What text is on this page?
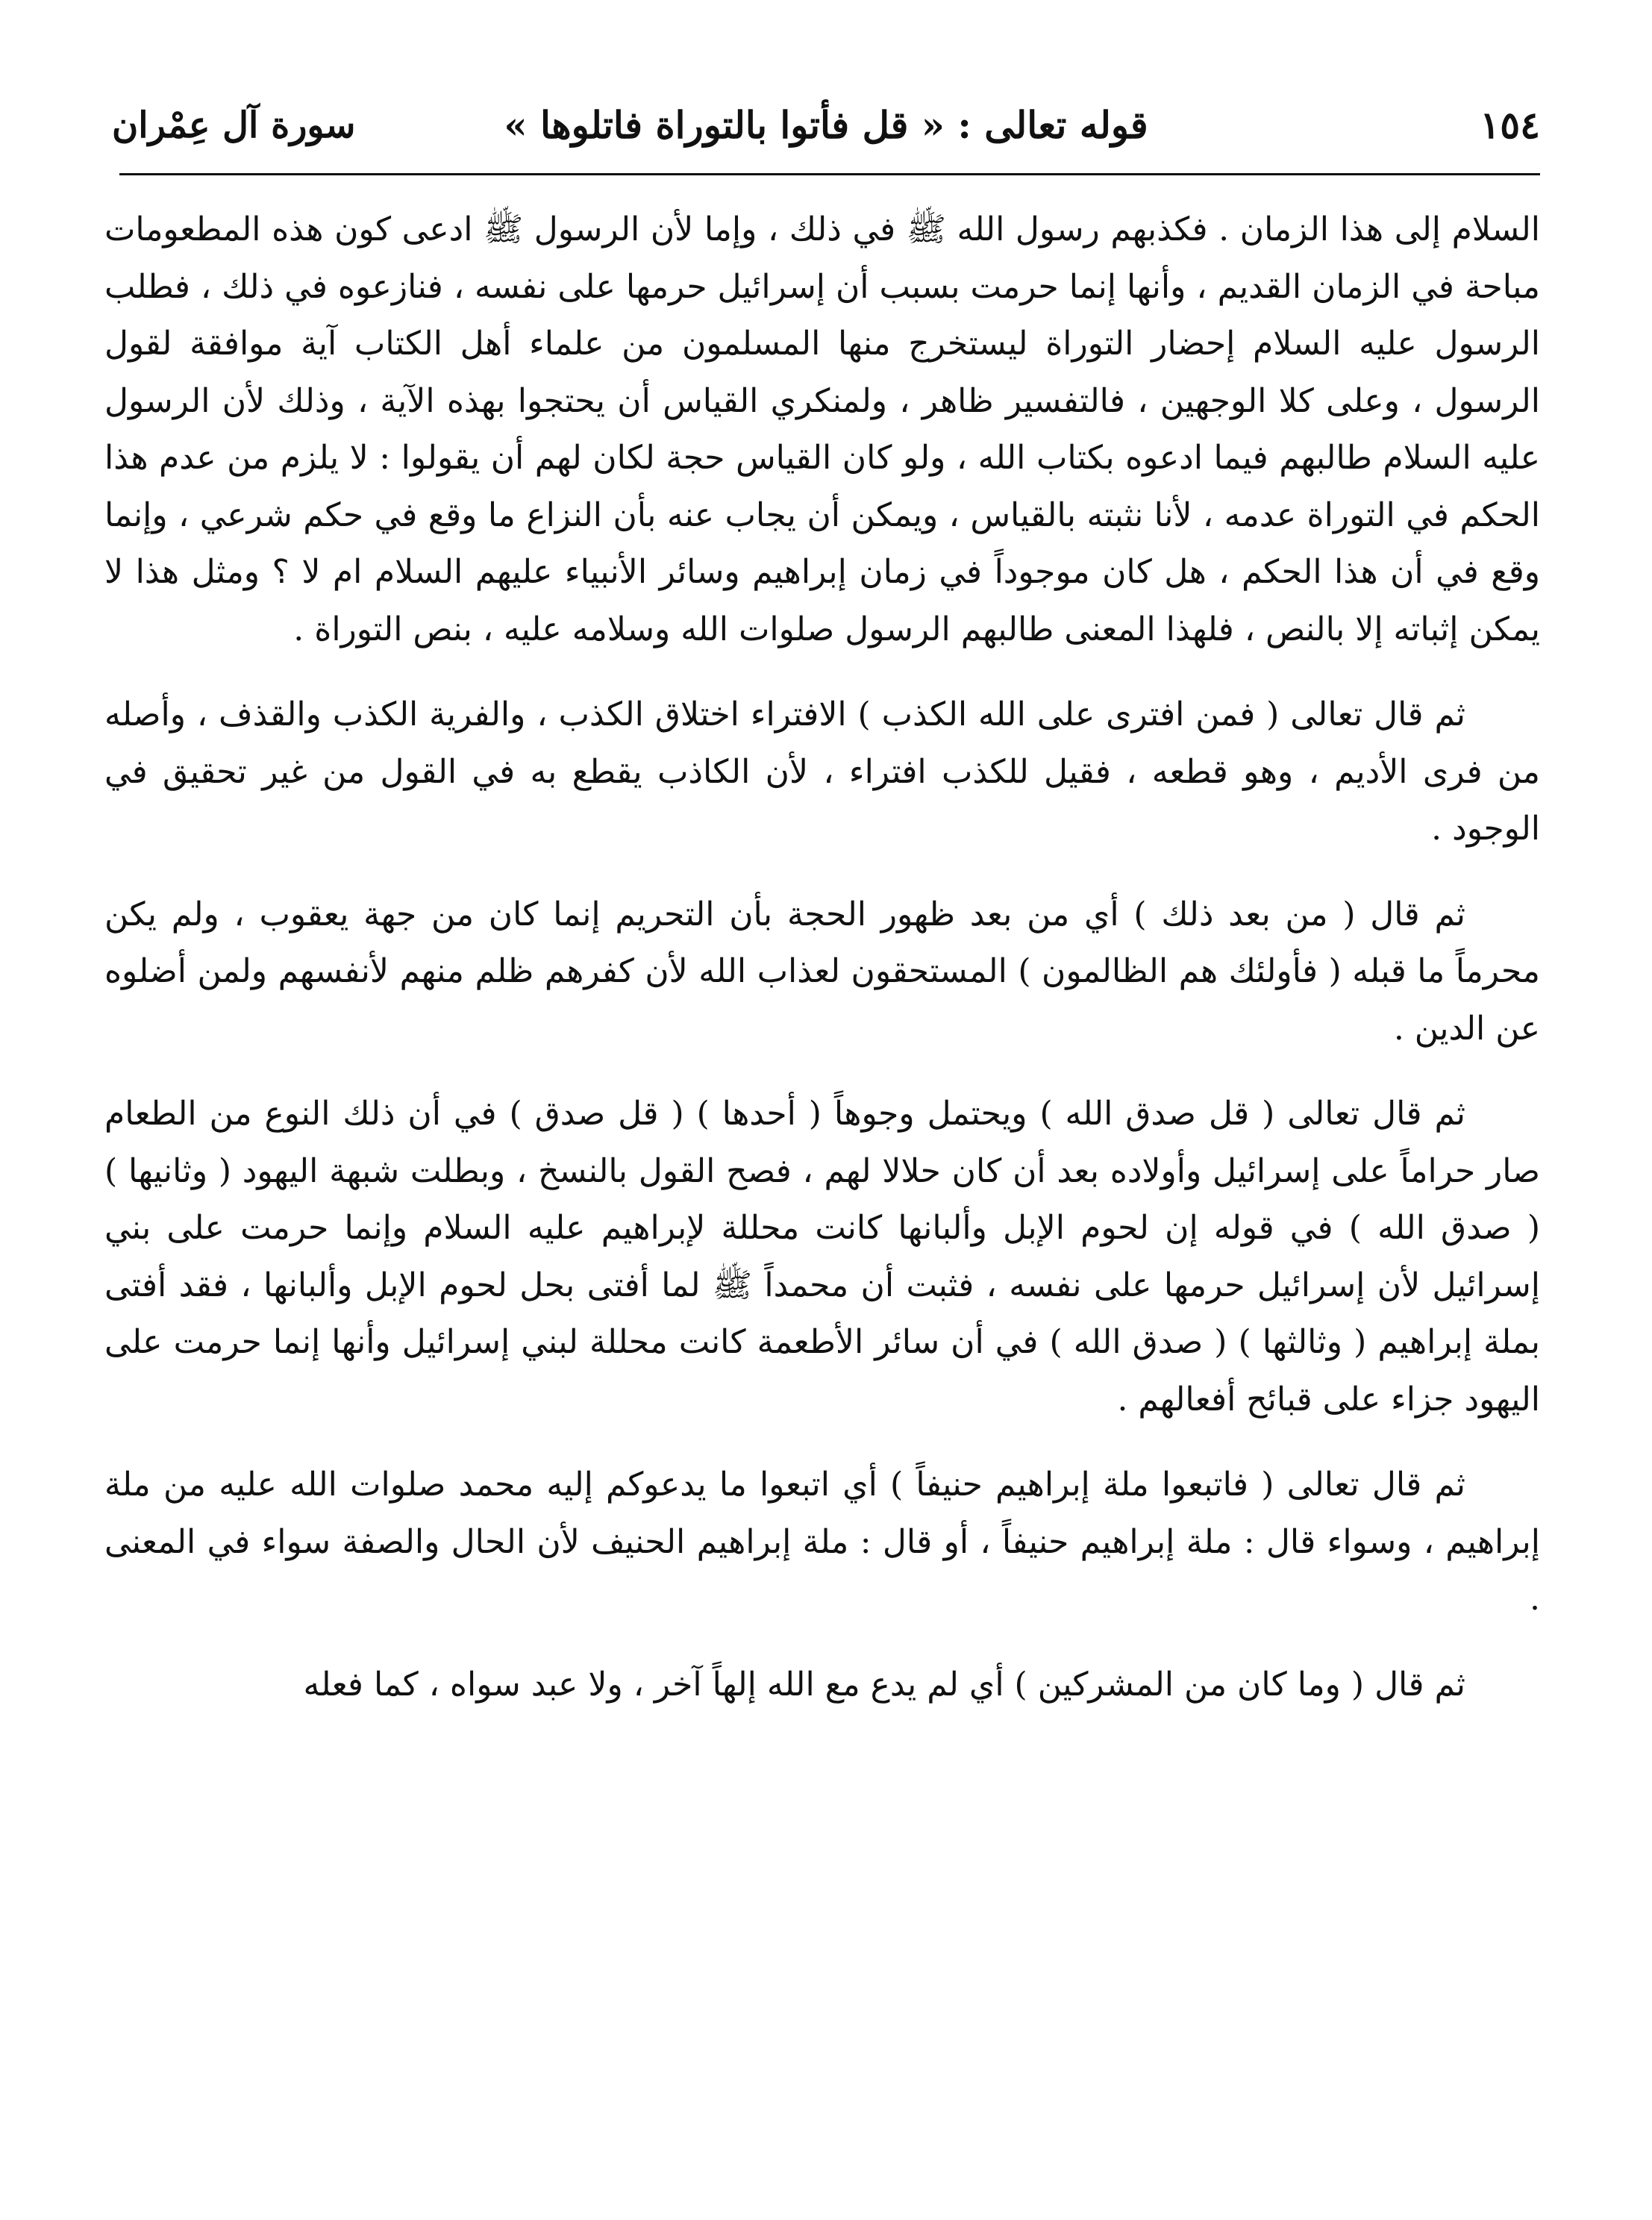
١٥٤
قوله تعالى : « قل فأتوا بالتوراة فاتلوها »
سورة آل عِمْران

السلام إلى هذا الزمان . فكذبهم رسول الله ﷺ في ذلك ، وإما لأن الرسول ﷺ ادعى كون هذه المطعومات مباحة في الزمان القديم ، وأنها إنما حرمت بسبب أن إسرائيل حرمها على نفسه ، فنازعوه في ذلك ، فطلب الرسول عليه السلام إحضار التوراة ليستخرج منها المسلمون من علماء أهل الكتاب آية موافقة لقول الرسول ، وعلى كلا الوجهين ، فالتفسير ظاهر ، ولمنكري القياس أن يحتجوا بهذه الآية ، وذلك لأن الرسول عليه السلام طالبهم فيما ادعوه بكتاب الله ، ولو كان القياس حجة لكان لهم أن يقولوا : لا يلزم من عدم هذا الحكم في التوراة عدمه ، لأنا نثبته بالقياس ، ويمكن أن يجاب عنه بأن النزاع ما وقع في حكم شرعي ، وإنما وقع في أن هذا الحكم ، هل كان موجوداً في زمان إبراهيم وسائر الأنبياء عليهم السلام ام لا ؟ ومثل هذا لا يمكن إثباته إلا بالنص ، فلهذا المعنى طالبهم الرسول صلوات الله وسلامه عليه ، بنص التوراة .

ثم قال تعالى ( فمن افترى على الله الكذب ) الافتراء اختلاق الكذب ، والفرية الكذب والقذف ، وأصله من فرى الأديم ، وهو قطعه ، فقيل للكذب افتراء ، لأن الكاذب يقطع به في القول من غير تحقيق في الوجود .

ثم قال ( من بعد ذلك ) أي من بعد ظهور الحجة بأن التحريم إنما كان من جهة يعقوب ، ولم يكن محرماً ما قبله ( فأولئك هم الظالمون ) المستحقون لعذاب الله لأن كفرهم ظلم منهم لأنفسهم ولمن أضلوه عن الدين .

ثم قال تعالى ( قل صدق الله ) ويحتمل وجوهاً ( أحدها ) ( قل صدق ) في أن ذلك النوع من الطعام صار حراماً على إسرائيل وأولاده بعد أن كان حلالا لهم ، فصح القول بالنسخ ، وبطلت شبهة اليهود ( وثانيها ) ( صدق الله ) في قوله إن لحوم الإبل وألبانها كانت محللة لإبراهيم عليه السلام وإنما حرمت على بني إسرائيل لأن إسرائيل حرمها على نفسه ، فثبت أن محمداً ﷺ لما أفتى بحل لحوم الإبل وألبانها ، فقد أفتى بملة إبراهيم ( وثالثها ) ( صدق الله ) في أن سائر الأطعمة كانت محللة لبني إسرائيل وأنها إنما حرمت على اليهود جزاء على قبائح أفعالهم .

ثم قال تعالى ( فاتبعوا ملة إبراهيم حنيفاً ) أي اتبعوا ما يدعوكم إليه محمد صلوات الله عليه من ملة إبراهيم ، وسواء قال : ملة إبراهيم حنيفاً ، أو قال : ملة إبراهيم الحنيف لأن الحال والصفة سواء في المعنى .

ثم قال ( وما كان من المشركين ) أي لم يدع مع الله إلهاً آخر ، ولا عبد سواه ، كما فعله
